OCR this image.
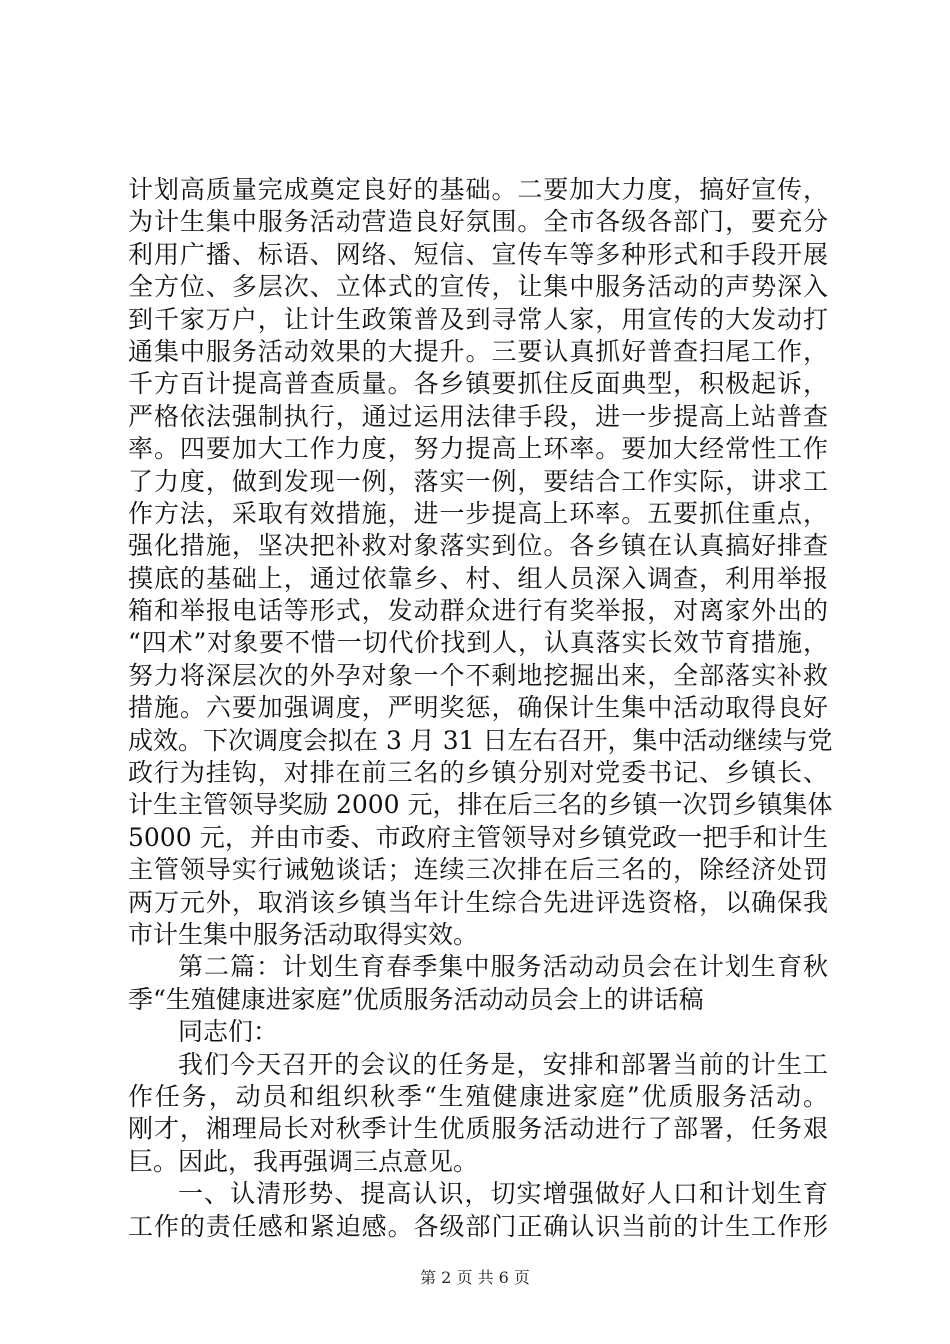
计划高质量完成奠定良好的基础。二要加大力度，搞好宣传，
为计生集中服务活动营造良好氛围。全市各级各部门，要充分
利用广播、标语、网络、短信、宣传车等多种形式和手段开展
全方位、多层次、立体式的宣传，让集中服务活动的声势深入
到千家万户，让计生政策普及到寻常人家，用宣传的大发动打
通集中服务活动效果的大提升。三要认真抓好普查扫尾工作，
千方百计提高普查质量。各乡镇要抓住反面典型，积极起诉，
严格依法强制执行，通过运用法律手段，进一步提高上站普查
率。四要加大工作力度，努力提高上环率。要加大经常性工作
了力度，做到发现一例，落实一例，要结合工作实际，讲求工
作方法，采取有效措施，进一步提高上环率。五要抓住重点，
强化措施，坚决把补救对象落实到位。各乡镇在认真搞好排查
摸底的基础上，通过依靠乡、村、组人员深入调查，利用举报
箱和举报电话等形式，发动群众进行有奖举报，对离家外出的
“四术”对象要不惜一切代价找到人，认真落实长效节育措施，
努力将深层次的外孕对象一个不剩地挖掘出来，全部落实补救
措施。六要加强调度，严明奖惩，确保计生集中活动取得良好
成效。下次调度会拟在 3 月 31 日左右召开，集中活动继续与党
政行为挂钩，对排在前三名的乡镇分别对党委书记、乡镇长、
计生主管领导奖励 2000 元，排在后三名的乡镇一次罚乡镇集体
5000 元，并由市委、市政府主管领导对乡镇党政一把手和计生
主管领导实行诫勉谈话；连续三次排在后三名的，除经济处罚
两万元外，取消该乡镇当年计生综合先进评选资格，以确保我
市计生集中服务活动取得实效。
第二篇：计划生育春季集中服务活动动员会在计划生育秋
季“生殖健康进家庭”优质服务活动动员会上的讲话稿
同志们：
我们今天召开的会议的任务是，安排和部署当前的计生工
作任务，动员和组织秋季“生殖健康进家庭”优质服务活动。
刚才，湘理局长对秋季计生优质服务活动进行了部署，任务艰
巨。因此，我再强调三点意见。
一、认清形势、提高认识，切实增强做好人口和计划生育
工作的责任感和紧迫感。各级部门正确认识当前的计生工作形
第 2 页 共 6 页
